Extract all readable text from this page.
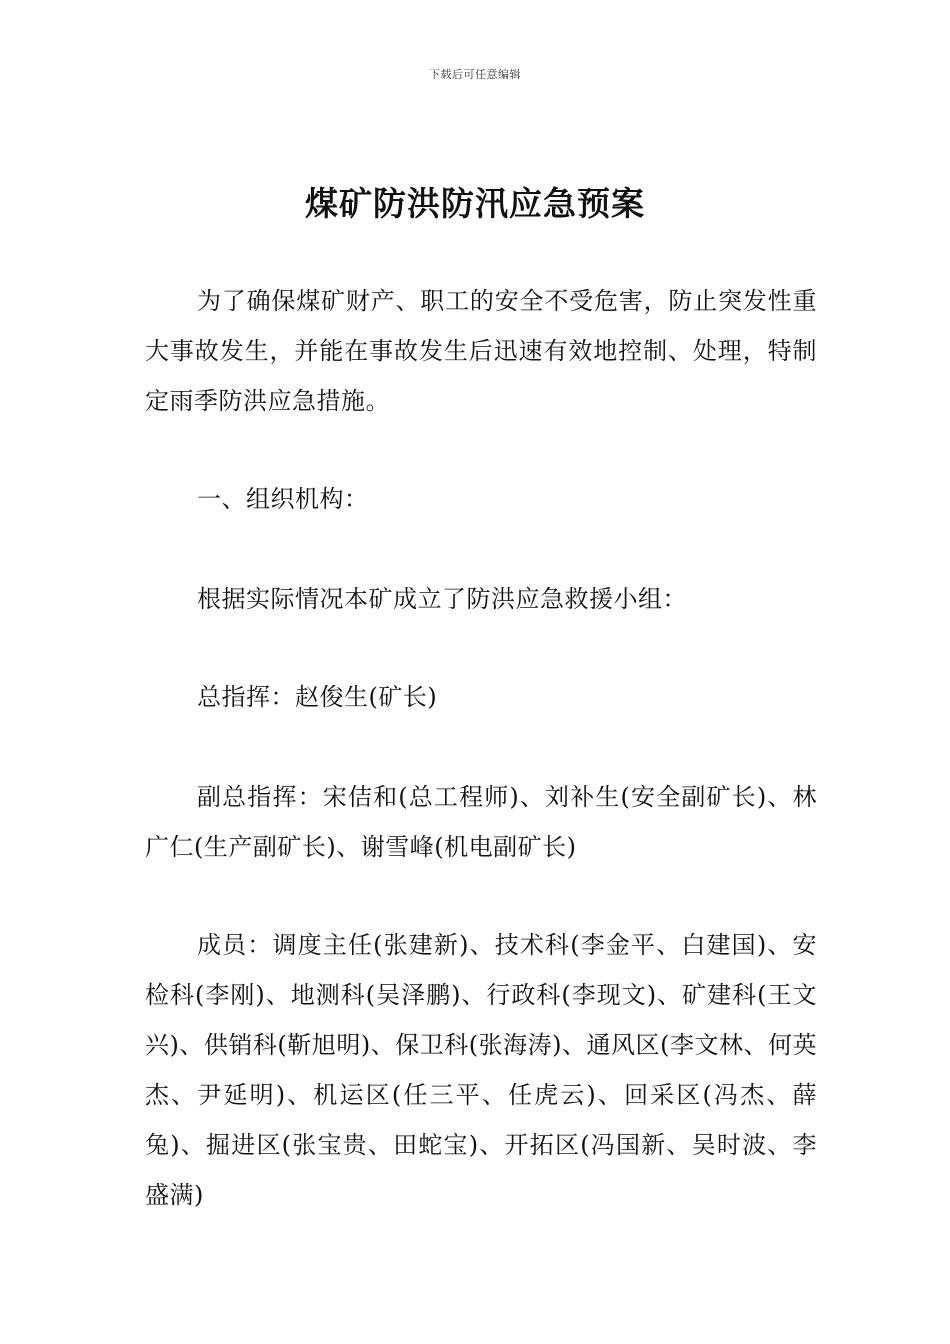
下载后可任意编辑
煤矿防洪防汛应急预案

为了确保煤矿财产、职工的安全不受危害，防止突发性重大事故发生，并能在事故发生后迅速有效地控制、处理，特制定雨季防洪应急措施。

一、组织机构：

根据实际情况本矿成立了防洪应急救援小组：

总指挥：赵俊生(矿长)

副总指挥：宋佶和(总工程师)、刘补生(安全副矿长)、林广仁(生产副矿长)、谢雪峰(机电副矿长)

成员：调度主任(张建新)、技术科(李金平、白建国)、安检科(李刚)、地测科(吴泽鹏)、行政科(李现文)、矿建科(王文兴)、供销科(靳旭明)、保卫科(张海涛)、通风区(李文林、何英杰、尹延明)、机运区(任三平、任虎云)、回采区(冯杰、薛兔)、掘进区(张宝贵、田蛇宝)、开拓区(冯国新、吴时波、李盛满)
